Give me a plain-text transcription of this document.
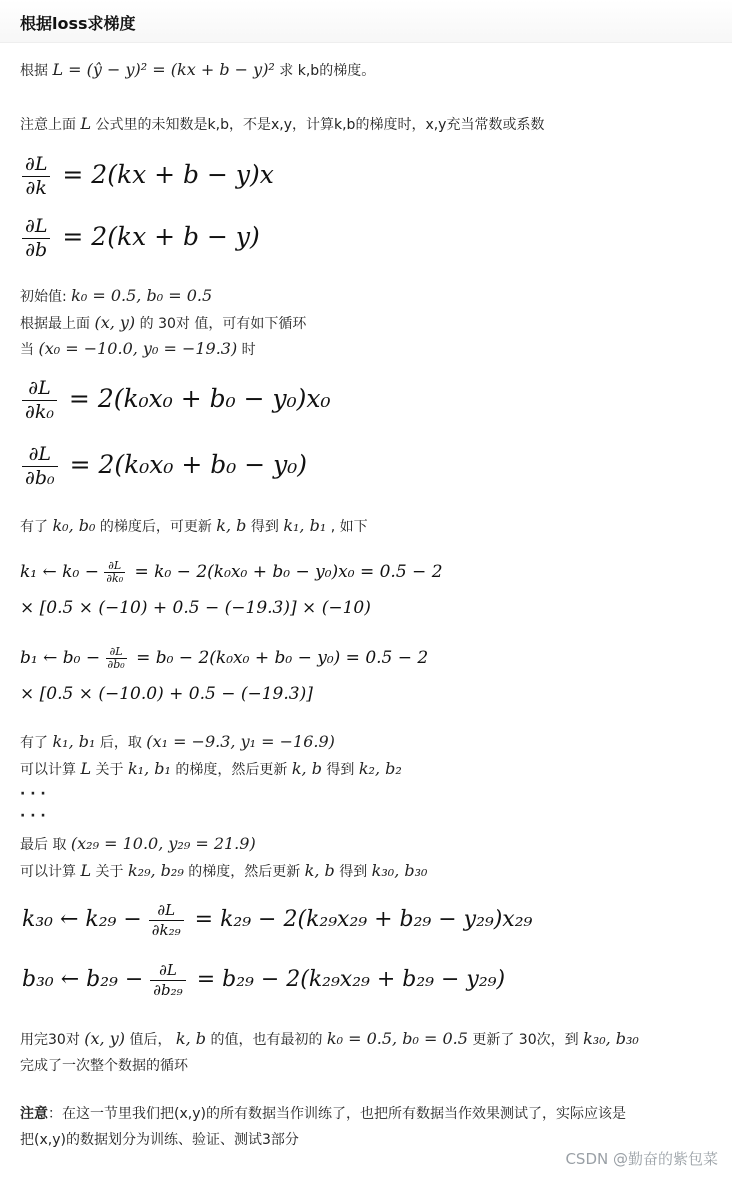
根据loss求梯度
根据 L = (ŷ − y)² = (kx + b − y)² 求 k,b的梯度。
注意上面 L 公式里的未知数是k,b，不是x,y，计算k,b的梯度时，x,y充当常数或系数
$\frac{\partial L}{\partial k} = 2(kx + b - y)x$
$\frac{\partial L}{\partial b} = 2(kx + b - y)$
初始值: k₀ = 0.5, b₀ = 0.5
根据最上面 (x, y) 的 30对 值，可有如下循环
当 (x₀ = −10.0, y₀ = −19.3) 时
$\frac{\partial L}{\text{∂k₀}} = 2(k_0x_0 + b_0 - y_0)x_0$
$\frac{\partial L}{\text{∂b₀}} = 2(k_0x_0 + b_0 - y_0)$
有了 k₀, b₀ 的梯度后，可更新 k, b 得到 k₁, b₁ , 如下
k₁ ← $k_0 - \frac{\partial L}{\text{∂k₀}} = k_0 - 2(k_0x_0 + b_0 - y_0)x_0 = 0.5 - 2$
× [0.5 × (−10) + 0.5 − (−19.3)] × (−10)
b₁ ← $b_0 - \frac{\partial L}{\text{∂b₀}} = b_0 - 2(k_0x_0 + b_0 - y_0) = 0.5 - 2$
× [0.5 × (−10.0) + 0.5 − (−19.3)]
有了 k₁, b₁ 后，取 (x₁ = −9.3, y₁ = −16.9)
可以计算 L 关于 k₁, b₁ 的梯度，然后更新 k, b 得到 k₂, b₂
· · ·
· · ·
最后 取 (x₂₉ = 10.0, y₂₉ = 21.9)
可以计算 L 关于 k₂₉, b₂₉ 的梯度，然后更新 k, b 得到 k₃₀, b₃₀
k₃₀ ← $k_{29} - \frac{\partial L}{\text{∂k₂₉}} = k_{29} - 2(k_{29}x_{29} + b_{29} - y_{29})x_{29}$
b₃₀ ← $b_{29} - \frac{\partial L}{\text{∂b₂₉}} = b_{29} - 2(k_{29}x_{29} + b_{29} - y_{29})$
用完30对 (x, y) 值后， k, b 的值，也有最初的 k₀ = 0.5, b₀ = 0.5 更新了 30次，到 k₃₀, b₃₀
完成了一次整个数据的循环
注意：在这一节里我们把(x,y)的所有数据当作训练了，也把所有数据当作效果测试了，实际应该是
把(x,y)的数据划分为训练、验证、测试3部分
CSDN @勤奋的紫包菜
